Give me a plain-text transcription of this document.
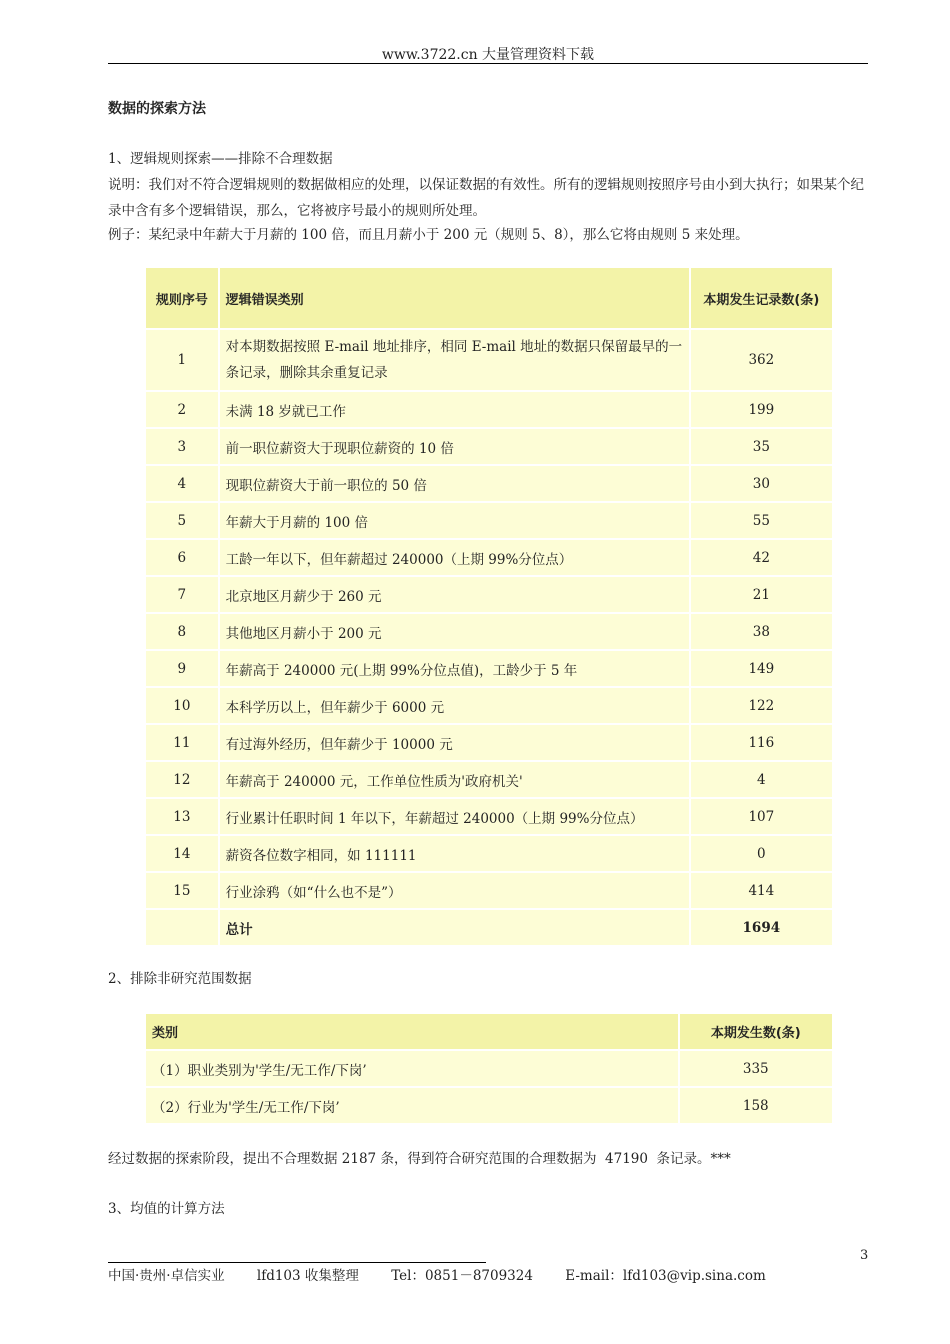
www.3722.cn 大量管理资料下载
数据的探索方法
1、逻辑规则探索——排除不合理数据
说明：我们对不符合逻辑规则的数据做相应的处理，以保证数据的有效性。所有的逻辑规则按照序号由小到大执行；如果某个纪录中含有多个逻辑错误，那么，它将被序号最小的规则所处理。
例子：某纪录中年薪大于月薪的 100 倍，而且月薪小于 200 元（规则 5、8），那么它将由规则 5 来处理。
规则序号	逻辑错误类别	本期发生记录数(条)
1	对本期数据按照 E-mail 地址排序，相同 E-mail 地址的数据只保留最早的一条记录，删除其余重复记录	362
2	未满 18 岁就已工作	199
3	前一职位薪资大于现职位薪资的 10 倍	35
4	现职位薪资大于前一职位的 50 倍	30
5	年薪大于月薪的 100 倍	55
6	工龄一年以下，但年薪超过 240000（上期 99%分位点）	42
7	北京地区月薪少于 260 元	21
8	其他地区月薪小于 200 元	38
9	年薪高于 240000 元(上期 99%分位点值)，工龄少于 5 年	149
10	本科学历以上，但年薪少于 6000 元	122
11	有过海外经历，但年薪少于 10000 元	116
12	年薪高于 240000 元，工作单位性质为'政府机关'	4
13	行业累计任职时间 1 年以下，年薪超过 240000（上期 99%分位点）	107
14	薪资各位数字相同，如 111111	0
15	行业涂鸦（如“什么也不是”）	414
	总计	1694
2、排除非研究范围数据
类别	本期发生数(条)
（1）职业类别为'学生/无工作/下岗’	335
（2）行业为'学生/无工作/下岗’	158
经过数据的探索阶段，提出不合理数据 2187 条，得到符合研究范围的合理数据为  47190  条记录。***
3、均值的计算方法
3
中国·贵州·卓信实业 lfd103 收集整理 Tel：0851－8709324 E-mail：lfd103@vip.sina.com
